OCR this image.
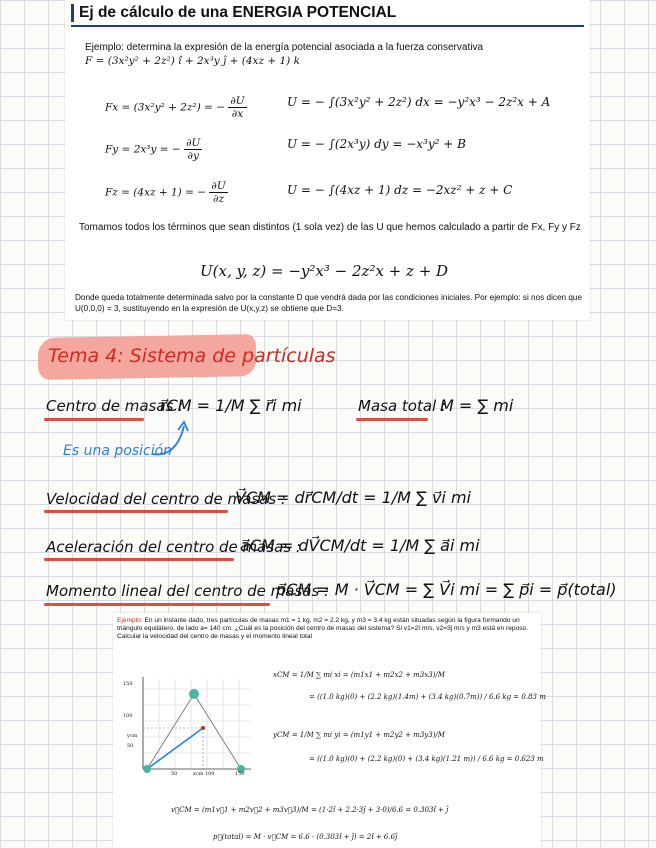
Ej de cálculo de una ENERGIA POTENCIAL
Ejemplo: determina la expresión de la energía potencial asociada a la fuerza conservativa
F = (3x²y² + 2z²) î + 2x³y ĵ + (4xz + 1) k
Fx = (3x²y² + 2z²) = − $\frac{\partial U}{\partial x}$	U = − ∫(3x²y² + 2z²) dx = −y²x³ − 2z²x + A
Fy = 2x³y = − $\frac{\partial U}{\partial y}$	U = − ∫(2x³y) dy = −x³y² + B
Fz = (4xz + 1) = − $\frac{\partial U}{\partial z}$	U = − ∫(4xz + 1) dz = −2xz² + z + C
Tomamos todos los términos que sean distintos (1 sola vez) de las U que hemos calculado a partir de Fx, Fy y Fz
U(x, y, z) = −y²x³ − 2z²x + z + D
Donde queda totalmente determinada salvo por la constante D que vendrá dada por las condiciones iniciales. Por ejemplo: si nos dicen que U(0,0,0) = 3, sustituyendo en la expresión de U(x,y,z) se obtiene que D=3.
Tema 4: Sistema de partículas
Centro de masas :
r⃗CM = 1/M ∑ r⃗i mi	Masa total :
M = ∑ mi
Es una posición
Velocidad del centro de masas :
V⃗CM = dr⃗CM/dt = 1/M ∑ v⃗i mi
Aceleración del centro de masas :
a⃗CM = dV⃗CM/dt = 1/M ∑ a⃗i mi
Momento lineal del centro de masas :
p⃗CM = M · V⃗CM = ∑ V⃗i mi = ∑ p⃗i = p⃗(total)
Ejemplo: En un instante dado, tres partículas de masas m1 = 1 kg, m2 = 2.2 kg, y m3 = 3.4 kg están situadas según la figura formando un triángulo equilátero, de lado a= 140 cm. ¿Cuál es la posición del centro de masas del sistema? Si v1=2î m/s, v2=3ĵ m/s y m3 está en reposo. Calcular la velocidad del centro de masas y el momento lineal total
150
100
50
ycm
50	100	150
xcm
xCM = 1/M ∑ mi xi = (m1x1 + m2x2 + m3x3)/M
= ((1.0 kg)(0) + (2.2 kg)(1.4m) + (3.4 kg)(0.7m)) / 6.6 kg = 0.83 m
yCM = 1/M ∑ mi yi = (m1y1 + m2y2 + m3y3)/M
= ((1.0 kg)(0) + (2.2 kg)(0) + (3.4 kg)(1.21 m)) / 6.6 kg = 0.623 m
v⃗CM = (m1v⃗1 + m2v⃗2 + m3v⃗3)/M = (1·2î + 2.2·3ĵ + 3·0)/6.6 = 0.303î + ĵ
p⃗(total) = M · v⃗CM = 6.6 · (0.303î + ĵ) = 2î + 6.6ĵ
